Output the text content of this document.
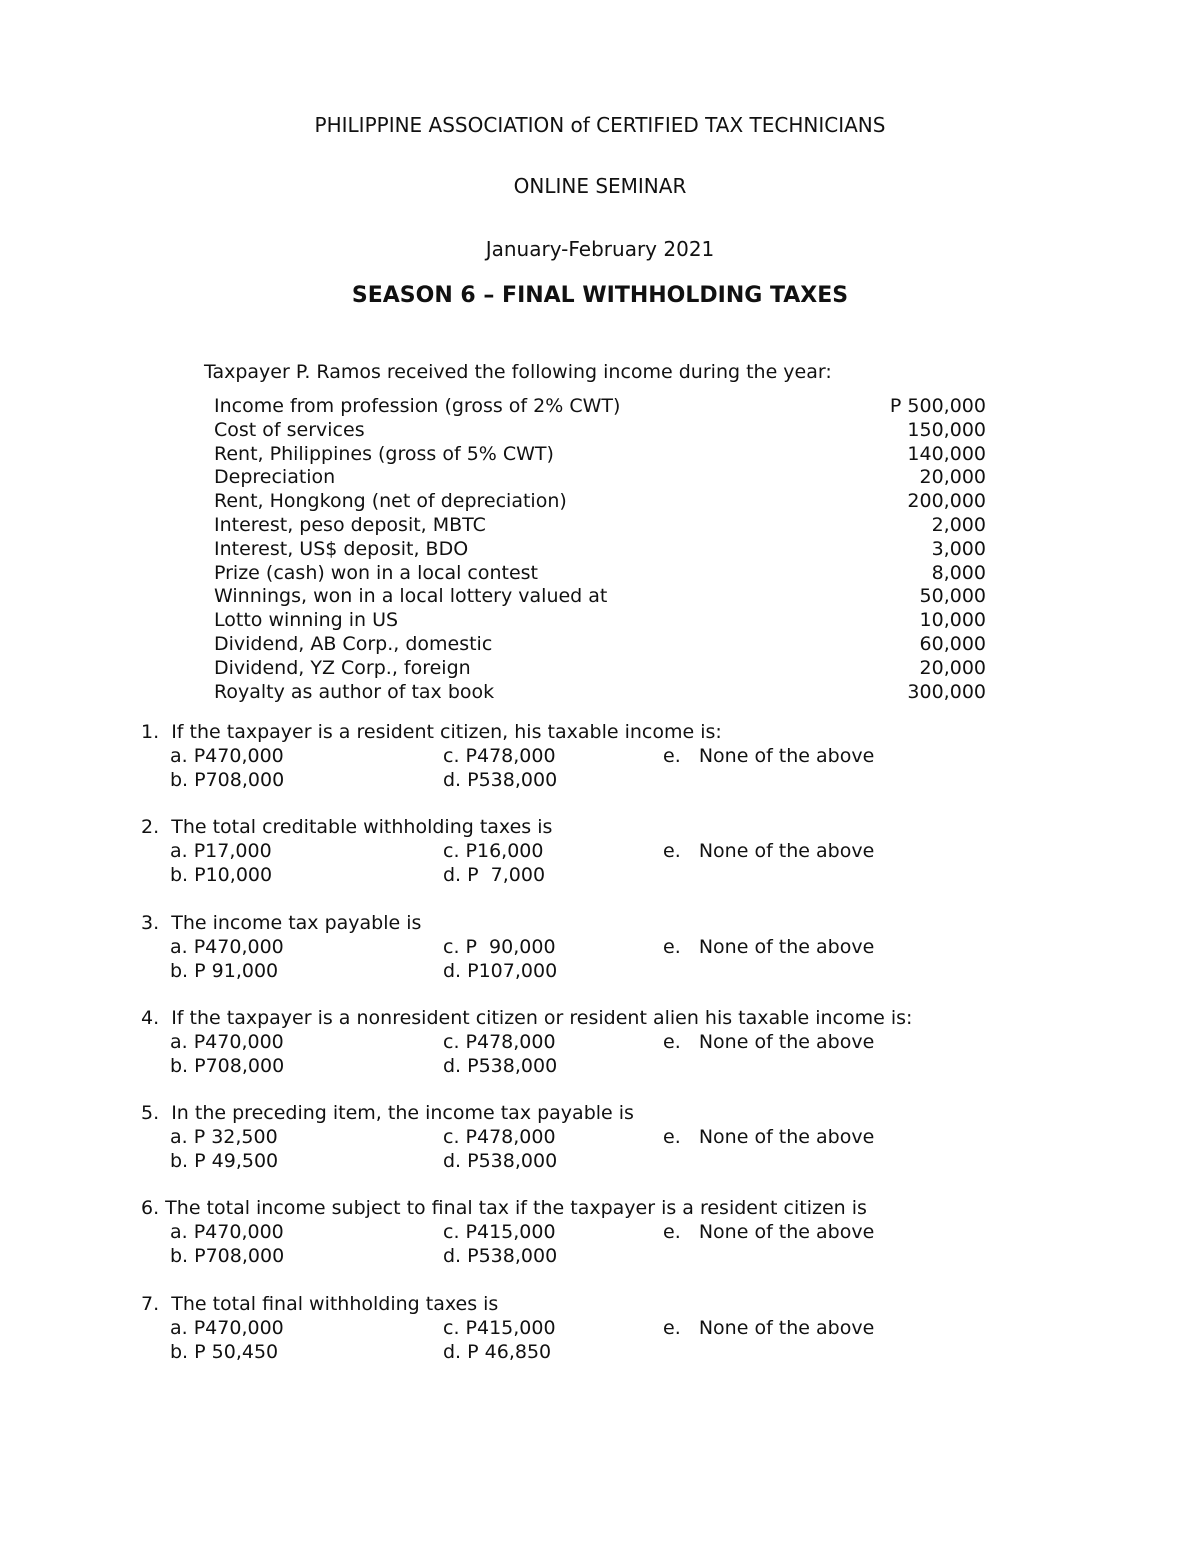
PHILIPPINE ASSOCIATION of CERTIFIED TAX TECHNICIANS
ONLINE SEMINAR
January-February 2021
SEASON 6 – FINAL WITHHOLDING TAXES
Taxpayer P. Ramos received the following income during the year:
Income from profession (gross of 2% CWT)	P 500,000
Cost of services	150,000
Rent, Philippines (gross of 5% CWT)	140,000
Depreciation	20,000
Rent, Hongkong (net of depreciation)	200,000
Interest, peso deposit, MBTC	2,000
Interest, US$ deposit, BDO	3,000
Prize (cash) won in a local contest	8,000
Winnings, won in a local lottery valued at	50,000
Lotto winning in US	10,000
Dividend, AB Corp., domestic	60,000
Dividend, YZ Corp., foreign	20,000
Royalty as author of tax book	300,000
1.  If the taxpayer is a resident citizen, his taxable income is:
a. P470,000
b. P708,000
c. P478,000
d. P538,000
e.   None of the above
2.  The total creditable withholding taxes is
a. P17,000
b. P10,000
c. P16,000
d. P  7,000
e.   None of the above
3.  The income tax payable is
a. P470,000
b. P 91,000
c. P  90,000
d. P107,000
e.   None of the above
4.  If the taxpayer is a nonresident citizen or resident alien his taxable income is:
a. P470,000
b. P708,000
c. P478,000
d. P538,000
e.   None of the above
5.  In the preceding item, the income tax payable is
a. P 32,500
b. P 49,500
c. P478,000
d. P538,000
e.   None of the above
6. The total income subject to final tax if the taxpayer is a resident citizen is
a. P470,000
b. P708,000
c. P415,000
d. P538,000
e.   None of the above
7.  The total final withholding taxes is
a. P470,000
b. P 50,450
c. P415,000
d. P 46,850
e.   None of the above
